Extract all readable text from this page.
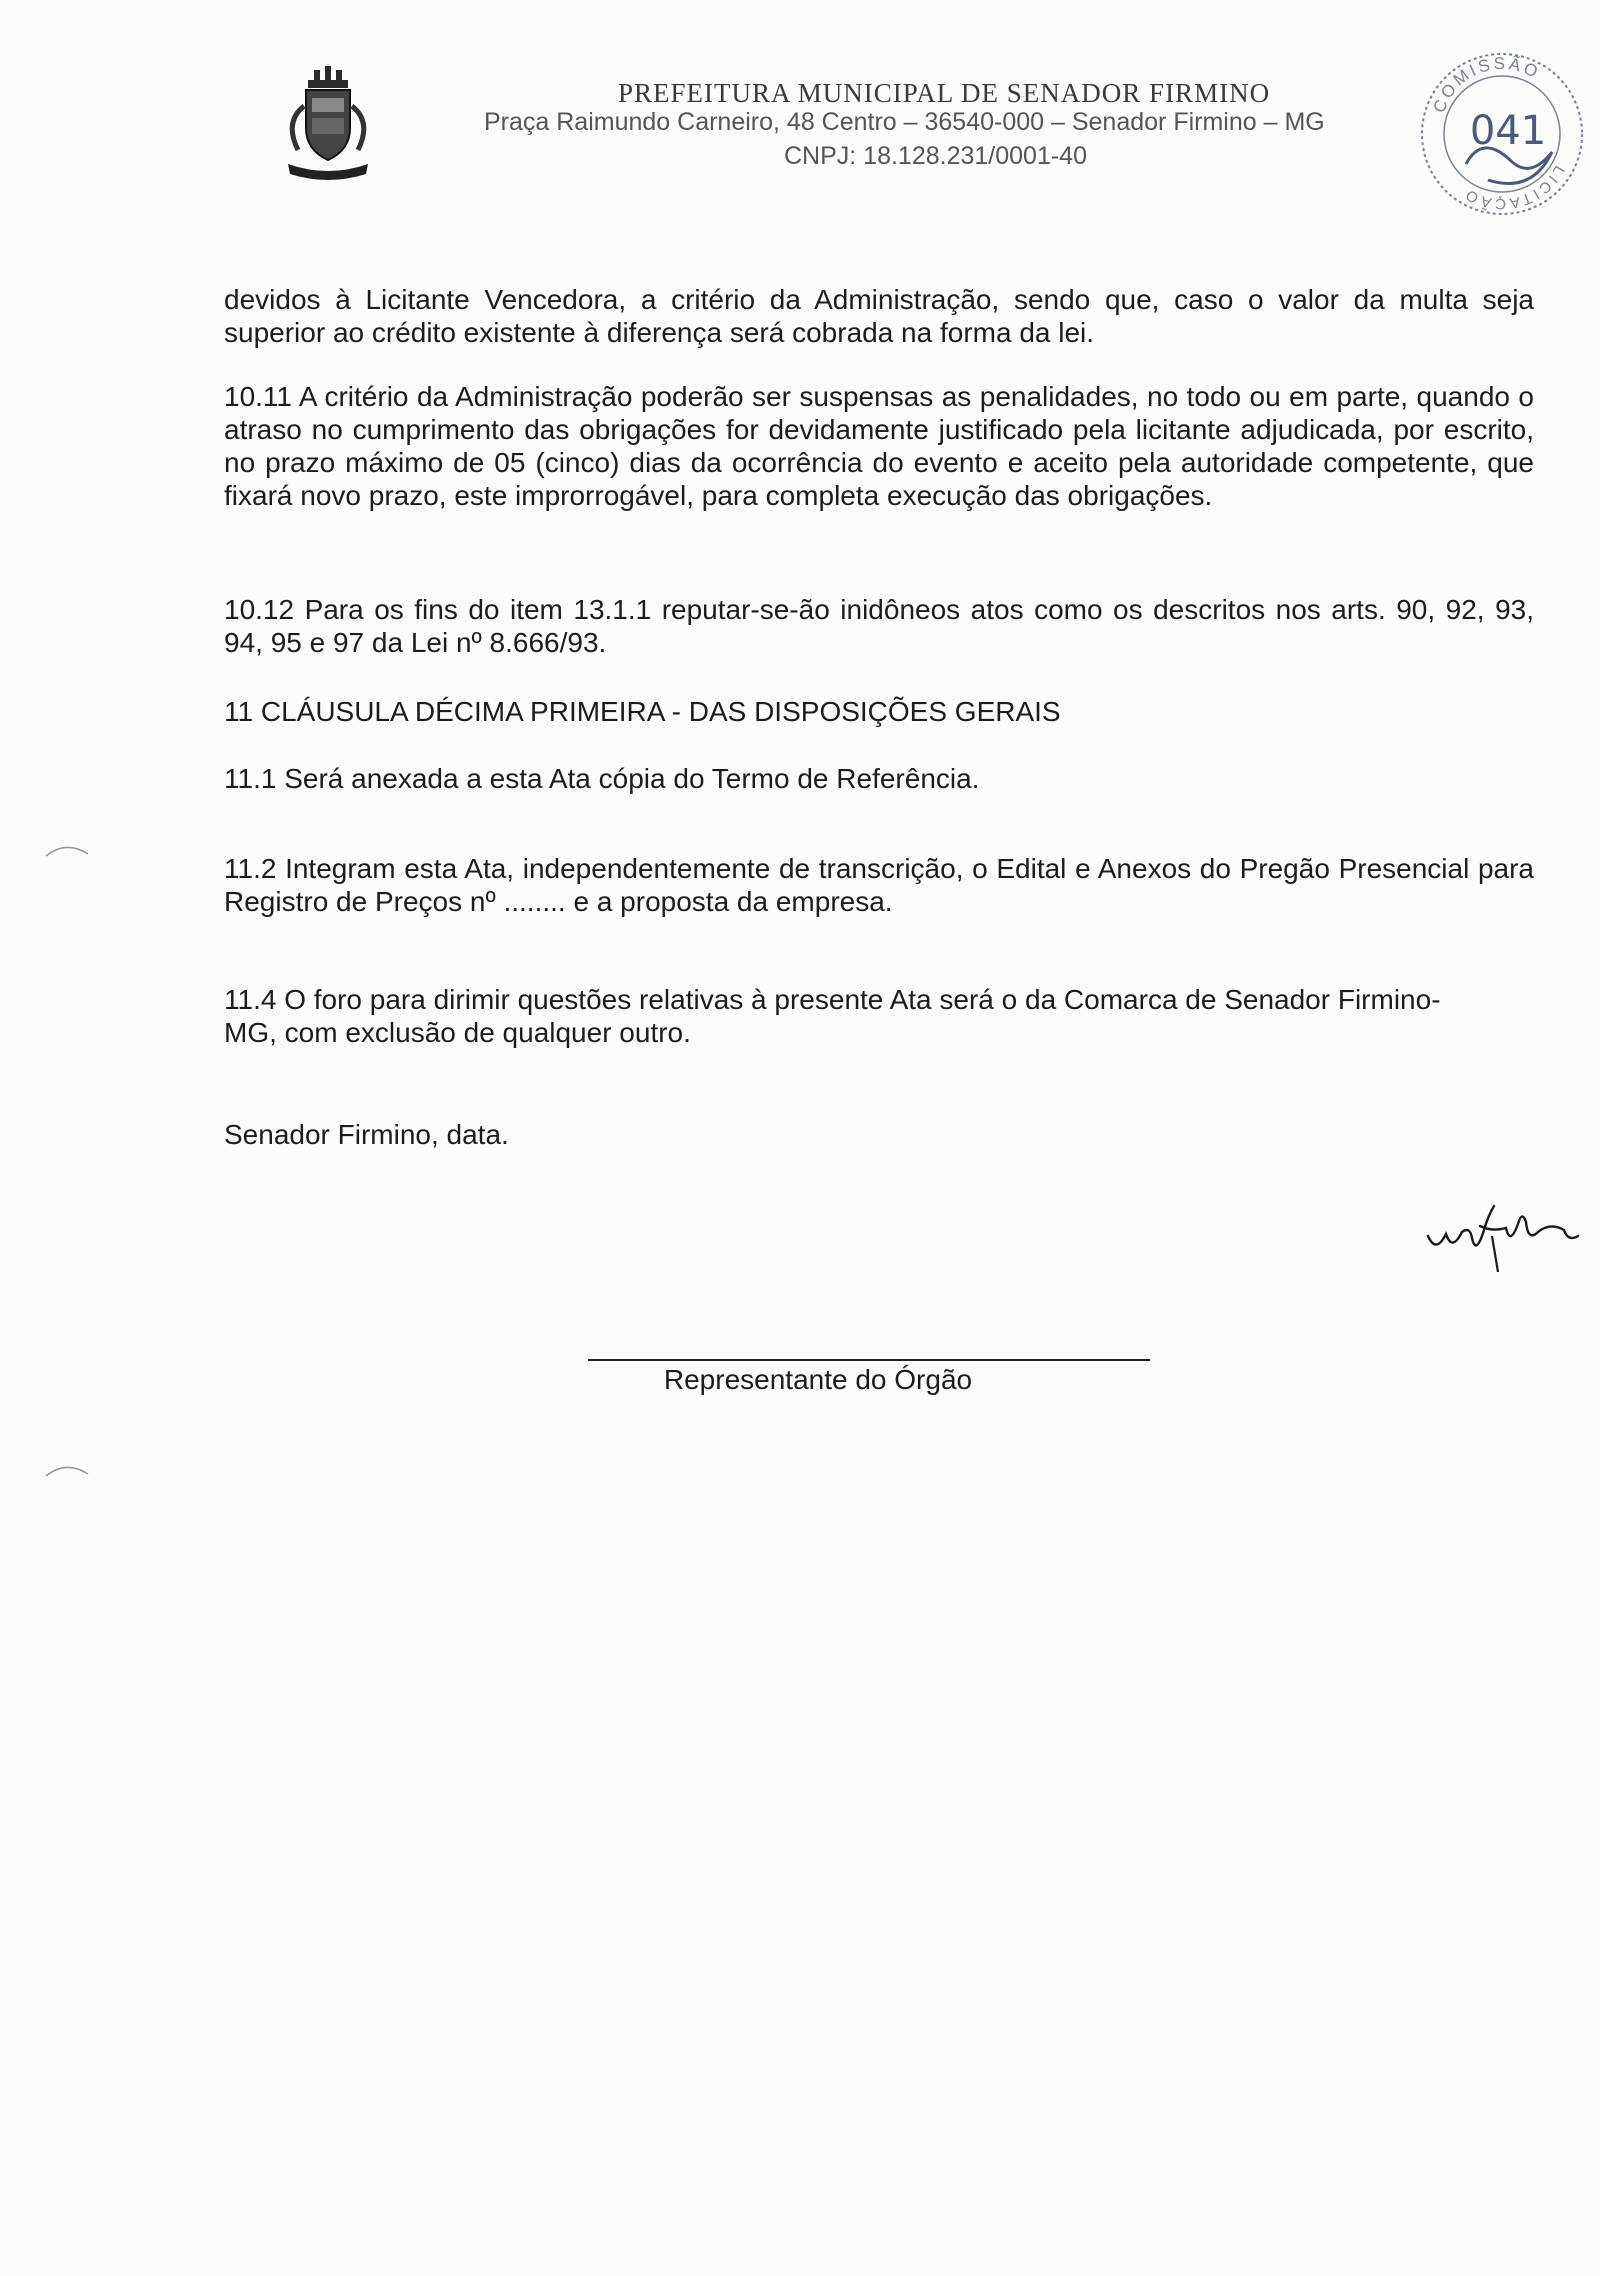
PREFEITURA MUNICIPAL DE SENADOR FIRMINO
Praça Raimundo Carneiro, 48 Centro – 36540-000 – Senador Firmino – MG
CNPJ: 18.128.231/0001-40
COMISSÃO
LICITAÇÃO
041
devidos à Licitante Vencedora, a critério da Administração, sendo que, caso o valor da multa seja superior ao crédito existente à diferença será cobrada na forma da lei.
10.11 A critério da Administração poderão ser suspensas as penalidades, no todo ou em parte, quando o atraso no cumprimento das obrigações for devidamente justificado pela licitante adjudicada, por escrito, no prazo máximo de 05 (cinco) dias da ocorrência do evento e aceito pela autoridade competente, que fixará novo prazo, este improrrogável, para completa execução das obrigações.
10.12 Para os fins do item 13.1.1 reputar-se-ão inidôneos atos como os descritos nos arts. 90, 92, 93, 94, 95 e 97 da Lei nº 8.666/93.
11 CLÁUSULA DÉCIMA PRIMEIRA - DAS DISPOSIÇÕES GERAIS
11.1 Será anexada a esta Ata cópia do Termo de Referência.
11.2 Integram esta Ata, independentemente de transcrição, o Edital e Anexos do Pregão Presencial para Registro de Preços nº ........ e a proposta da empresa.
11.4 O foro para dirimir questões relativas à presente Ata será o da Comarca de Senador Firmino-MG, com exclusão de qualquer outro.
Senador Firmino, data.
Representante do Órgão
